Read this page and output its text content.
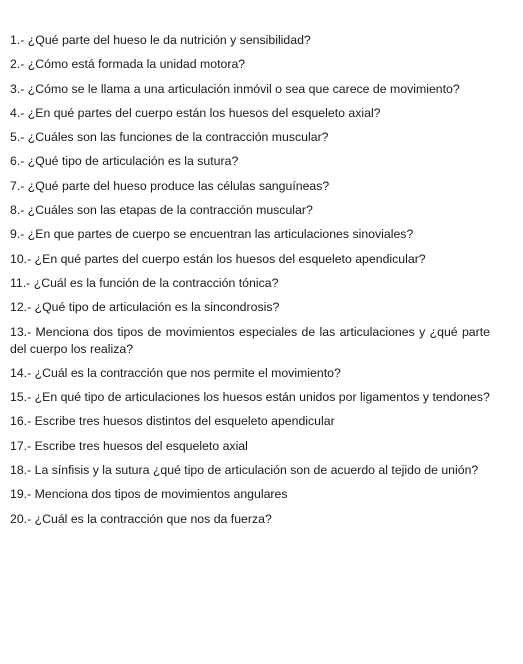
1.- ¿Qué parte del hueso le da nutrición y sensibilidad?
2.- ¿Cómo está formada la unidad motora?
3.- ¿Cómo se le llama a una articulación inmóvil o sea que carece de movimiento?
4.- ¿En qué partes del cuerpo están los huesos del esqueleto axial?
5.- ¿Cuáles son las funciones de la contracción muscular?
6.- ¿Qué tipo de articulación es la sutura?
7.- ¿Qué parte del hueso produce las células sanguíneas?
8.- ¿Cuáles son las etapas de la contracción muscular?
9.- ¿En que partes de cuerpo se encuentran las articulaciones sinoviales?
10.- ¿En qué partes del cuerpo están los huesos del esqueleto apendicular?
11.- ¿Cuál es la función de la contracción tónica?
12.- ¿Qué tipo de articulación es la sincondrosis?
13.- Menciona dos tipos de movimientos especiales de las articulaciones y ¿qué parte del cuerpo los realiza?
14.- ¿Cuál es la contracción que nos permite el movimiento?
15.- ¿En qué tipo de articulaciones los huesos están unidos por ligamentos y tendones?
16.- Escribe tres huesos distintos del esqueleto apendicular
17.- Escribe tres huesos del esqueleto axial
18.- La sínfisis y la sutura ¿qué tipo de articulación son de acuerdo al tejido de unión?
19.- Menciona dos tipos de movimientos angulares
20.- ¿Cuál es la contracción que nos da fuerza?
